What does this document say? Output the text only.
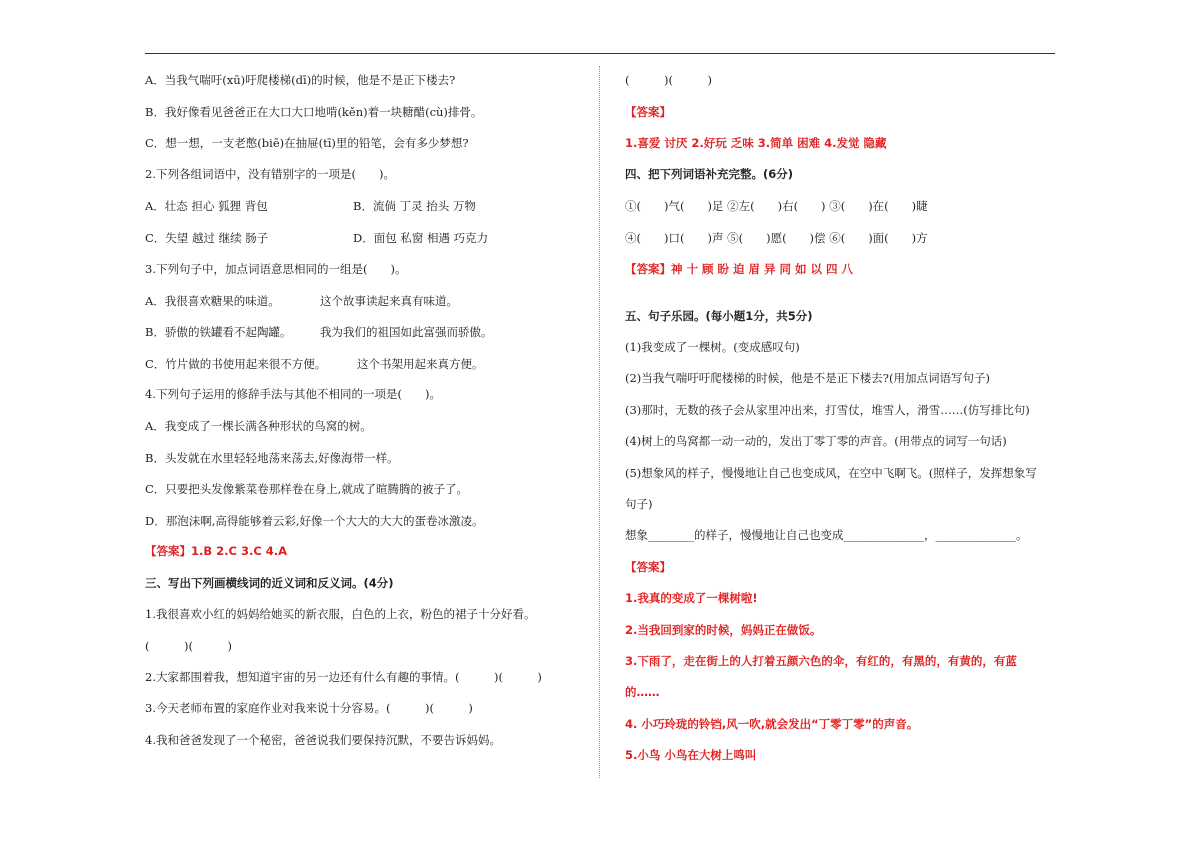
A．当我气喘吁(xū)吁爬楼梯(dī)的时候，他是不是正下楼去?
B．我好像看见爸爸正在大口大口地啃(kěn)着一块糖醋(cù)排骨。
C．想一想，一支老憋(biē)在抽屉(tī)里的铅笔，会有多少梦想?
2.下列各组词语中，没有错别字的一项是(　　)。
A．壮态 担心 狐狸 背包	B．流倘 丁灵 抬头 万物
C．失望 越过 继续 肠子	D．面包 私窗 相遇 巧克力
3.下列句子中，加点词语意思相同的一组是(　　)。
A．我很喜欢糖果的味道。	这个故事读起来真有味道。
B．骄傲的铁罐看不起陶罐。 我为我们的祖国如此富强而骄傲。
C．竹片做的书使用起来很不方便。	这个书架用起来真方便。
4.下列句子运用的修辞手法与其他不相同的一项是(　　)。
A．我变成了一棵长满各种形状的鸟窝的树。
B．头发就在水里轻轻地荡来荡去,好像海带一样。
C．只要把头发像紫菜卷那样卷在身上,就成了暄腾腾的被子了。
D．那泡沫啊,高得能够着云彩,好像一个大大的大大的蛋卷冰激凌。
【答案】1.B 2.C 3.C 4.A
三、写出下列画横线词的近义词和反义词。(4分)
1.我很喜欢小红的妈妈给她买的新衣服，白色的上衣，粉色的裙子十分好看。
(　　　)(　　　)
2.大家都围着我，想知道宇宙的另一边还有什么有趣的事情。(　　　)(　　　)
3.今天老师布置的家庭作业对我来说十分容易。(　　　)(　　　)
4.我和爸爸发现了一个秘密，爸爸说我们要保持沉默，不要告诉妈妈。
(　　　)(　　　)
【答案】
1.喜爱 讨厌 2.好玩 乏味 3.简单 困难 4.发觉 隐藏
四、把下列词语补充完整。(6分)
①(　　)气(　　)足 ②左(　　)右(　　) ③(　　)在(　　)睫
④(　　)口(　　)声 ⑤(　　)愿(　　)偿 ⑥(　　)面(　　)方
【答案】神 十 顾 盼 迫 眉 异 同 如 以 四 八
五、句子乐园。(每小题1分，共5分)
(1)我变成了一棵树。(变成感叹句)
(2)当我气喘吁吁爬楼梯的时候，他是不是正下楼去?(用加点词语写句子)
(3)那时，无数的孩子会从家里冲出来，打雪仗，堆雪人，滑雪……(仿写排比句)
(4)树上的鸟窝都一动一动的，发出丁零丁零的声音。(用带点的词写一句话)
(5)想象风的样子，慢慢地让自己也变成风，在空中飞啊飞。(照样子，发挥想象写
句子)
想象________的样子，慢慢地让自己也变成______________，______________。
【答案】
1.我真的变成了一棵树啦!
2.当我回到家的时候，妈妈正在做饭。
3.下雨了，走在街上的人打着五颜六色的伞，有红的，有黑的，有黄的，有蓝
的……
4. 小巧玲珑的铃铛,风一吹,就会发出“丁零丁零”的声音。
5.小鸟 小鸟在大树上鸣叫
